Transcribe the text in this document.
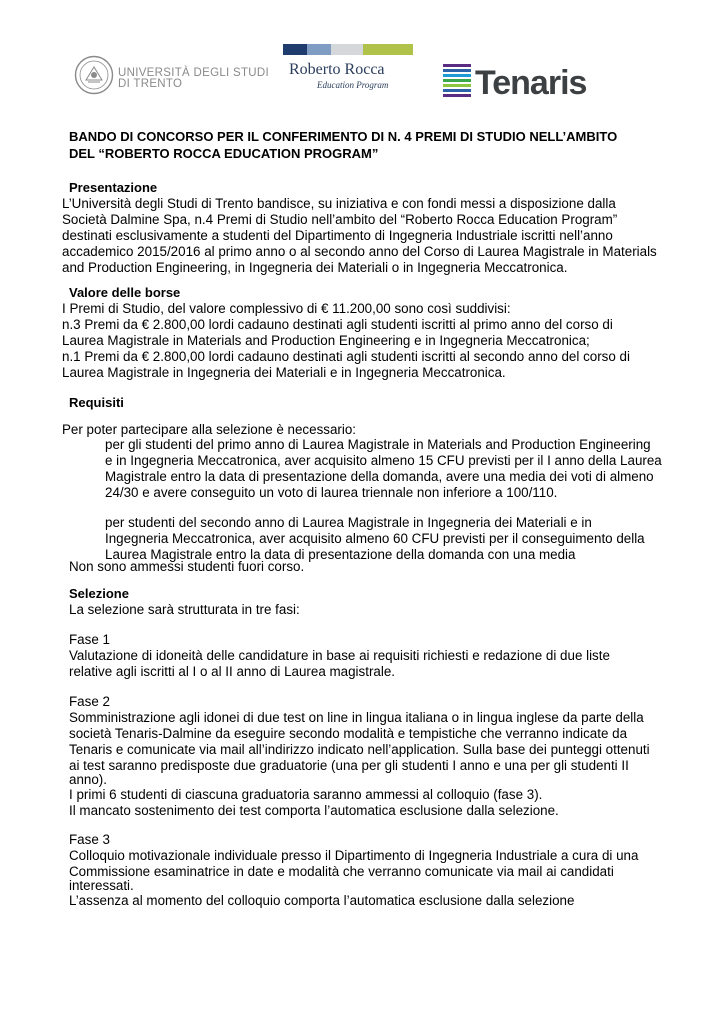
UNIVERSITÀ DEGLI STUDI
DI TRENTO
Roberto Rocca
Education Program	Tenaris
BANDO DI CONCORSO PER IL CONFERIMENTO DI N. 4 PREMI DI STUDIO NELL’AMBITO
DEL “ROBERTO ROCCA EDUCATION PROGRAM”
Presentazione
L’Università degli Studi di Trento bandisce, su iniziativa e con fondi messi a disposizione dalla
Società Dalmine Spa, n.4 Premi di Studio nell’ambito del “Roberto Rocca Education Program”
destinati esclusivamente a studenti del Dipartimento di Ingegneria Industriale iscritti nell’anno
accademico 2015/2016 al primo anno o al secondo anno del Corso di Laurea Magistrale in Materials
and Production Engineering, in Ingegneria dei Materiali o in Ingegneria Meccatronica.
Valore delle borse
I Premi di Studio, del valore complessivo di € 11.200,00 sono così suddivisi:
n.3 Premi da € 2.800,00 lordi cadauno destinati agli studenti iscritti al primo anno del corso di
Laurea Magistrale in Materials and Production Engineering e in Ingegneria Meccatronica;
n.1 Premi da € 2.800,00 lordi cadauno destinati agli studenti iscritti al secondo anno del corso di
Laurea Magistrale in Ingegneria dei Materiali e in Ingegneria Meccatronica.
Requisiti
Per poter partecipare alla selezione è necessario:
per gli studenti del primo anno di Laurea Magistrale in Materials and Production Engineering
e in Ingegneria Meccatronica, aver acquisito almeno 15 CFU previsti per il I anno della Laurea
Magistrale entro la data di presentazione della domanda, avere una media dei voti di almeno
24/30 e avere conseguito un voto di laurea triennale non inferiore a 100/110.
per studenti del secondo anno di Laurea Magistrale in Ingegneria dei Materiali e in
Ingegneria Meccatronica, aver acquisito almeno 60 CFU previsti per il conseguimento della
Laurea Magistrale entro la data di presentazione della domanda con una media
Non sono ammessi studenti fuori corso.
Selezione
La selezione sarà strutturata in tre fasi:
Fase 1
Valutazione di idoneità delle candidature in base ai requisiti richiesti e redazione di due liste
relative agli iscritti al I o al II anno di Laurea magistrale.
Fase 2
Somministrazione agli idonei di due test on line in lingua italiana o in lingua inglese da parte della
società Tenaris-Dalmine da eseguire secondo modalità e tempistiche che verranno indicate da
Tenaris e comunicate via mail all’indirizzo indicato nell’application. Sulla base dei punteggi ottenuti
ai test saranno predisposte due graduatorie (una per gli studenti I anno e una per gli studenti II
anno).
I primi 6 studenti di ciascuna graduatoria saranno ammessi al colloquio (fase 3).
Il mancato sostenimento dei test comporta l’automatica esclusione dalla selezione.
Fase 3
Colloquio motivazionale individuale presso il Dipartimento di Ingegneria Industriale a cura di una
Commissione esaminatrice in date e modalità che verranno comunicate via mail ai candidati
interessati.
L’assenza al momento del colloquio comporta l’automatica esclusione dalla selezione
